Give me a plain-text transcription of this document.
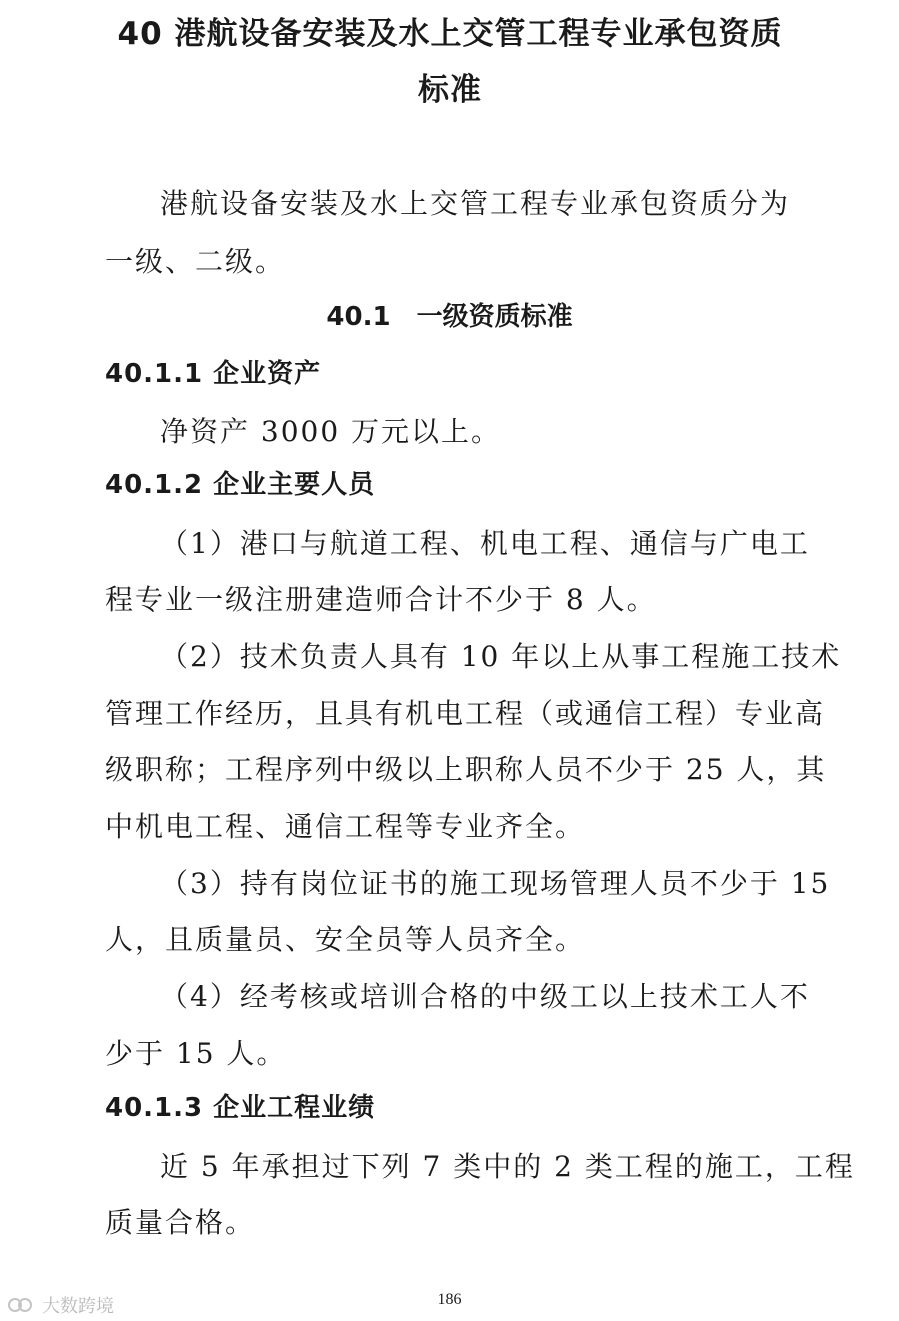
40 港航设备安装及水上交管工程专业承包资质
标准
港航设备安装及水上交管工程专业承包资质分为
一级、二级。
40.1 一级资质标准
40.1.1 企业资产
净资产 3000 万元以上。
40.1.2 企业主要人员
（1）港口与航道工程、机电工程、通信与广电工
程专业一级注册建造师合计不少于 8 人。
（2）技术负责人具有 10 年以上从事工程施工技术
管理工作经历，且具有机电工程（或通信工程）专业高
级职称；工程序列中级以上职称人员不少于 25 人，其
中机电工程、通信工程等专业齐全。
（3）持有岗位证书的施工现场管理人员不少于 15
人，且质量员、安全员等人员齐全。
（4）经考核或培训合格的中级工以上技术工人不
少于 15 人。
40.1.3 企业工程业绩
近 5 年承担过下列 7 类中的 2 类工程的施工，工程
质量合格。
186
大数跨境
